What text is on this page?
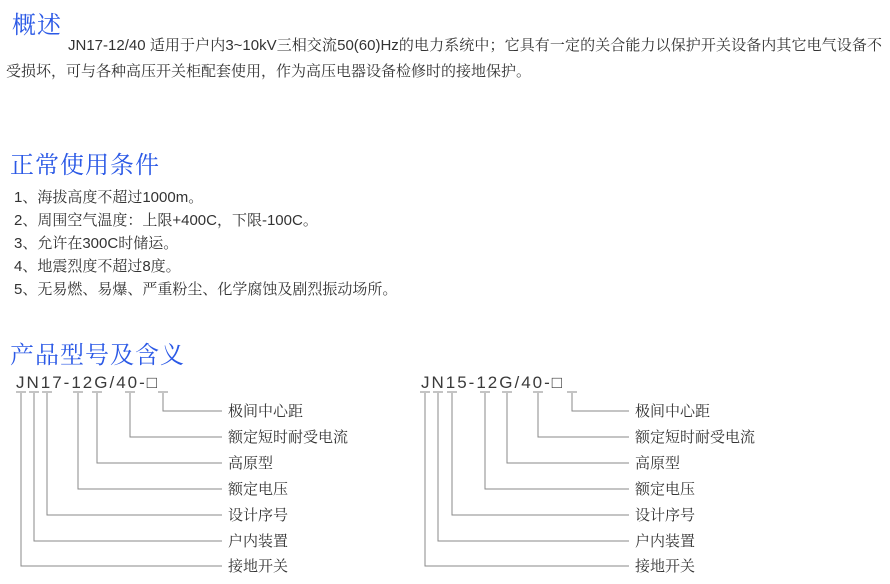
概述

JN17-12/40 适用于户内3~10kV三相交流50(60)Hz的电力系统中；它具有一定的关合能力以保护开关设备内其它电气设备不受损坏，可与各种高压开关柜配套使用，作为高压电器设备检修时的接地保护。

正常使用条件
1、海拔高度不超过1000m。
2、周围空气温度：上限+400C，下限-100C。
3、允许在300C时储运。
4、地震烈度不超过8度。
5、无易燃、易爆、严重粉尘、化学腐蚀及剧烈振动场所。
产品型号及含义
JN17-12G/40-□
极间中心距
额定短时耐受电流
高原型
额定电压
设计序号
户内装置
接地开关
JN15-12G/40-□
极间中心距
额定短时耐受电流
高原型
额定电压
设计序号
户内装置
接地开关
